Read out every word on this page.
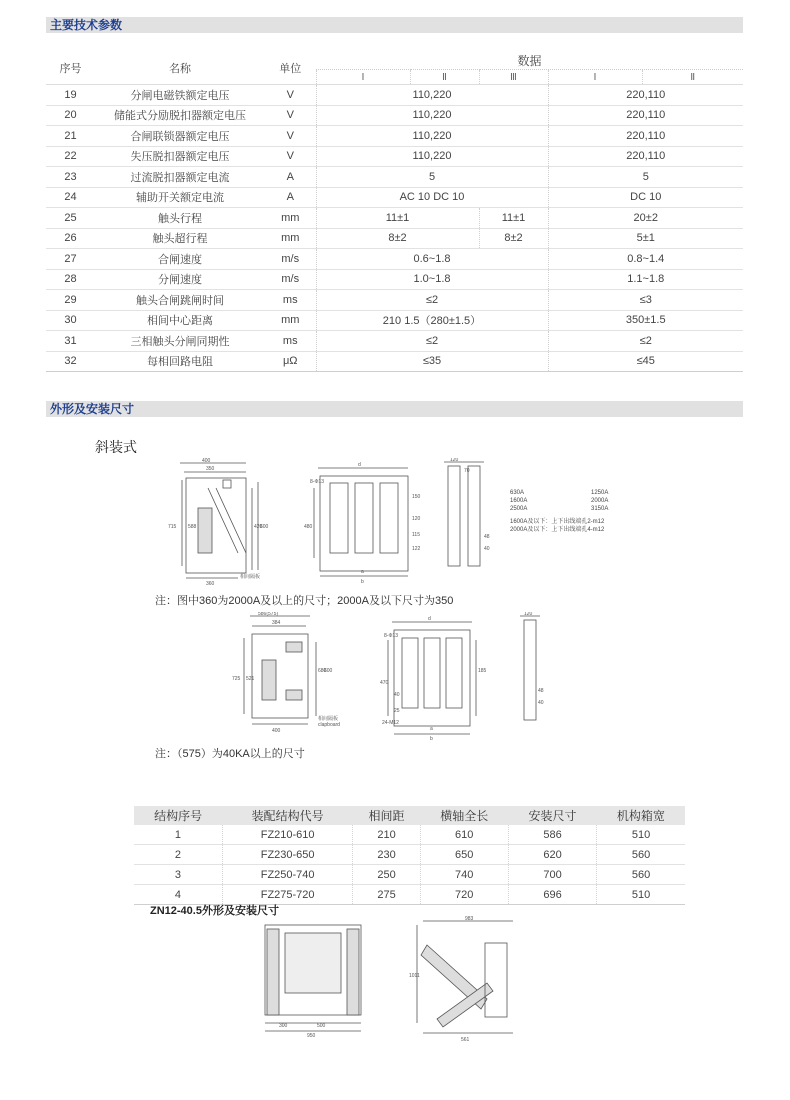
主要技术参数
序号	名称	单位	数据				
			Ⅰ	Ⅱ	Ⅲ	Ⅰ	Ⅱ
19	分闸电磁铁额定电压	V	110,220			220,110	
20	储能式分励脱扣器额定电压	V	110,220			220,110	
21	合闸联锁器额定电压	V	110,220			220,110	
22	失压脱扣器额定电压	V	110,220			220,110	
23	过流脱扣器额定电流	A	5			5	
24	辅助开关额定电流	A	AC 10 DC 10			DC 10	
25	触头行程	mm	11±1		11±1	20±2	
26	触头超行程	mm	8±2		8±2	5±1	
27	合闸速度	m/s	0.6~1.8			0.8~1.4	
28	分闸速度	m/s	1.0~1.8			1.1~1.8	
29	触头合闸跳闸时间	ms	≤2			≤3	
30	相间中心距离	mm	210 1.5（280±1.5）			350±1.5	
31	三相触头分闸同期性	ms	≤2			≤2	
32	每相回路电阻	μΩ	≤35			≤45	
外形及安装尺寸
斜装式
400
350
715 588
360
420
600
相间隔板
d
8-Φ13
480
150
120
115
122
a
b
120
70
48
40
630A
1600A
2500A
1250A
2000A
3150A
1600A及以下：上下出线端孔2-m12
2000A及以下：上下出线端孔4-m12
注：图中360为2000A及以上的尺寸；2000A及以下尺寸为350
586(575)
384
725 521
680
600
400
相间隔板
clapboard
d
8-Φ13
470
185
40
25
24-M12
a
b
120
48
40
注：（575）为40KA以上的尺寸
结构序号	装配结构代号	相间距	横轴全长	安装尺寸	机构箱宽
1	FZ210-610	210	610	586	510
2	FZ230-650	230	650	620	560
3	FZ250-740	250	740	700	560
4	FZ275-720	275	720	696	510
ZN12-40.5外形及安装尺寸
300	500
950
983
1011
561
